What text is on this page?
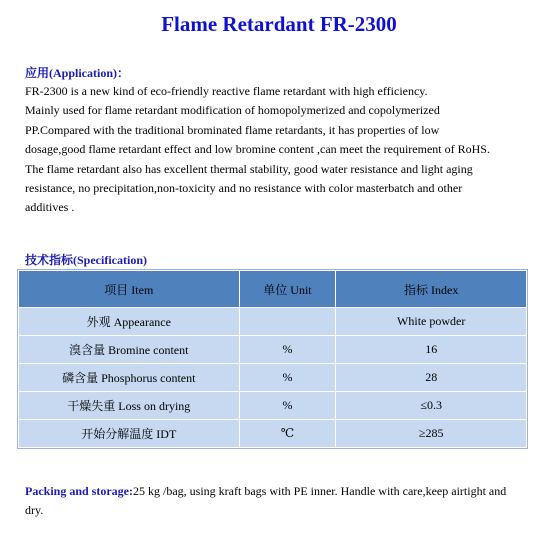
Flame Retardant FR-2300
应用(Application)：
FR-2300 is a new kind of eco-friendly reactive flame retardant with high efficiency.
Mainly used for flame retardant modification of homopolymerized and copolymerized
PP.Compared with the traditional brominated flame retardants, it has properties of low
dosage,good flame retardant effect and low bromine content ,can meet the requirement of RoHS.
The flame retardant also has excellent thermal stability, good water resistance and light aging
resistance, no precipitation,non-toxicity and no resistance with color masterbatch and other
additives .
技术指标(Specification)
项目 Item	单位 Unit	指标 Index
外观 Appearance		White powder
溴含量 Bromine content	%	16
磷含量 Phosphorus content	%	28
干燥失重 Loss on drying	%	≤0.3
开始分解温度 IDT	℃	≥285
Packing and storage:25 kg /bag, using kraft bags with PE inner. Handle with care,keep airtight and dry.
